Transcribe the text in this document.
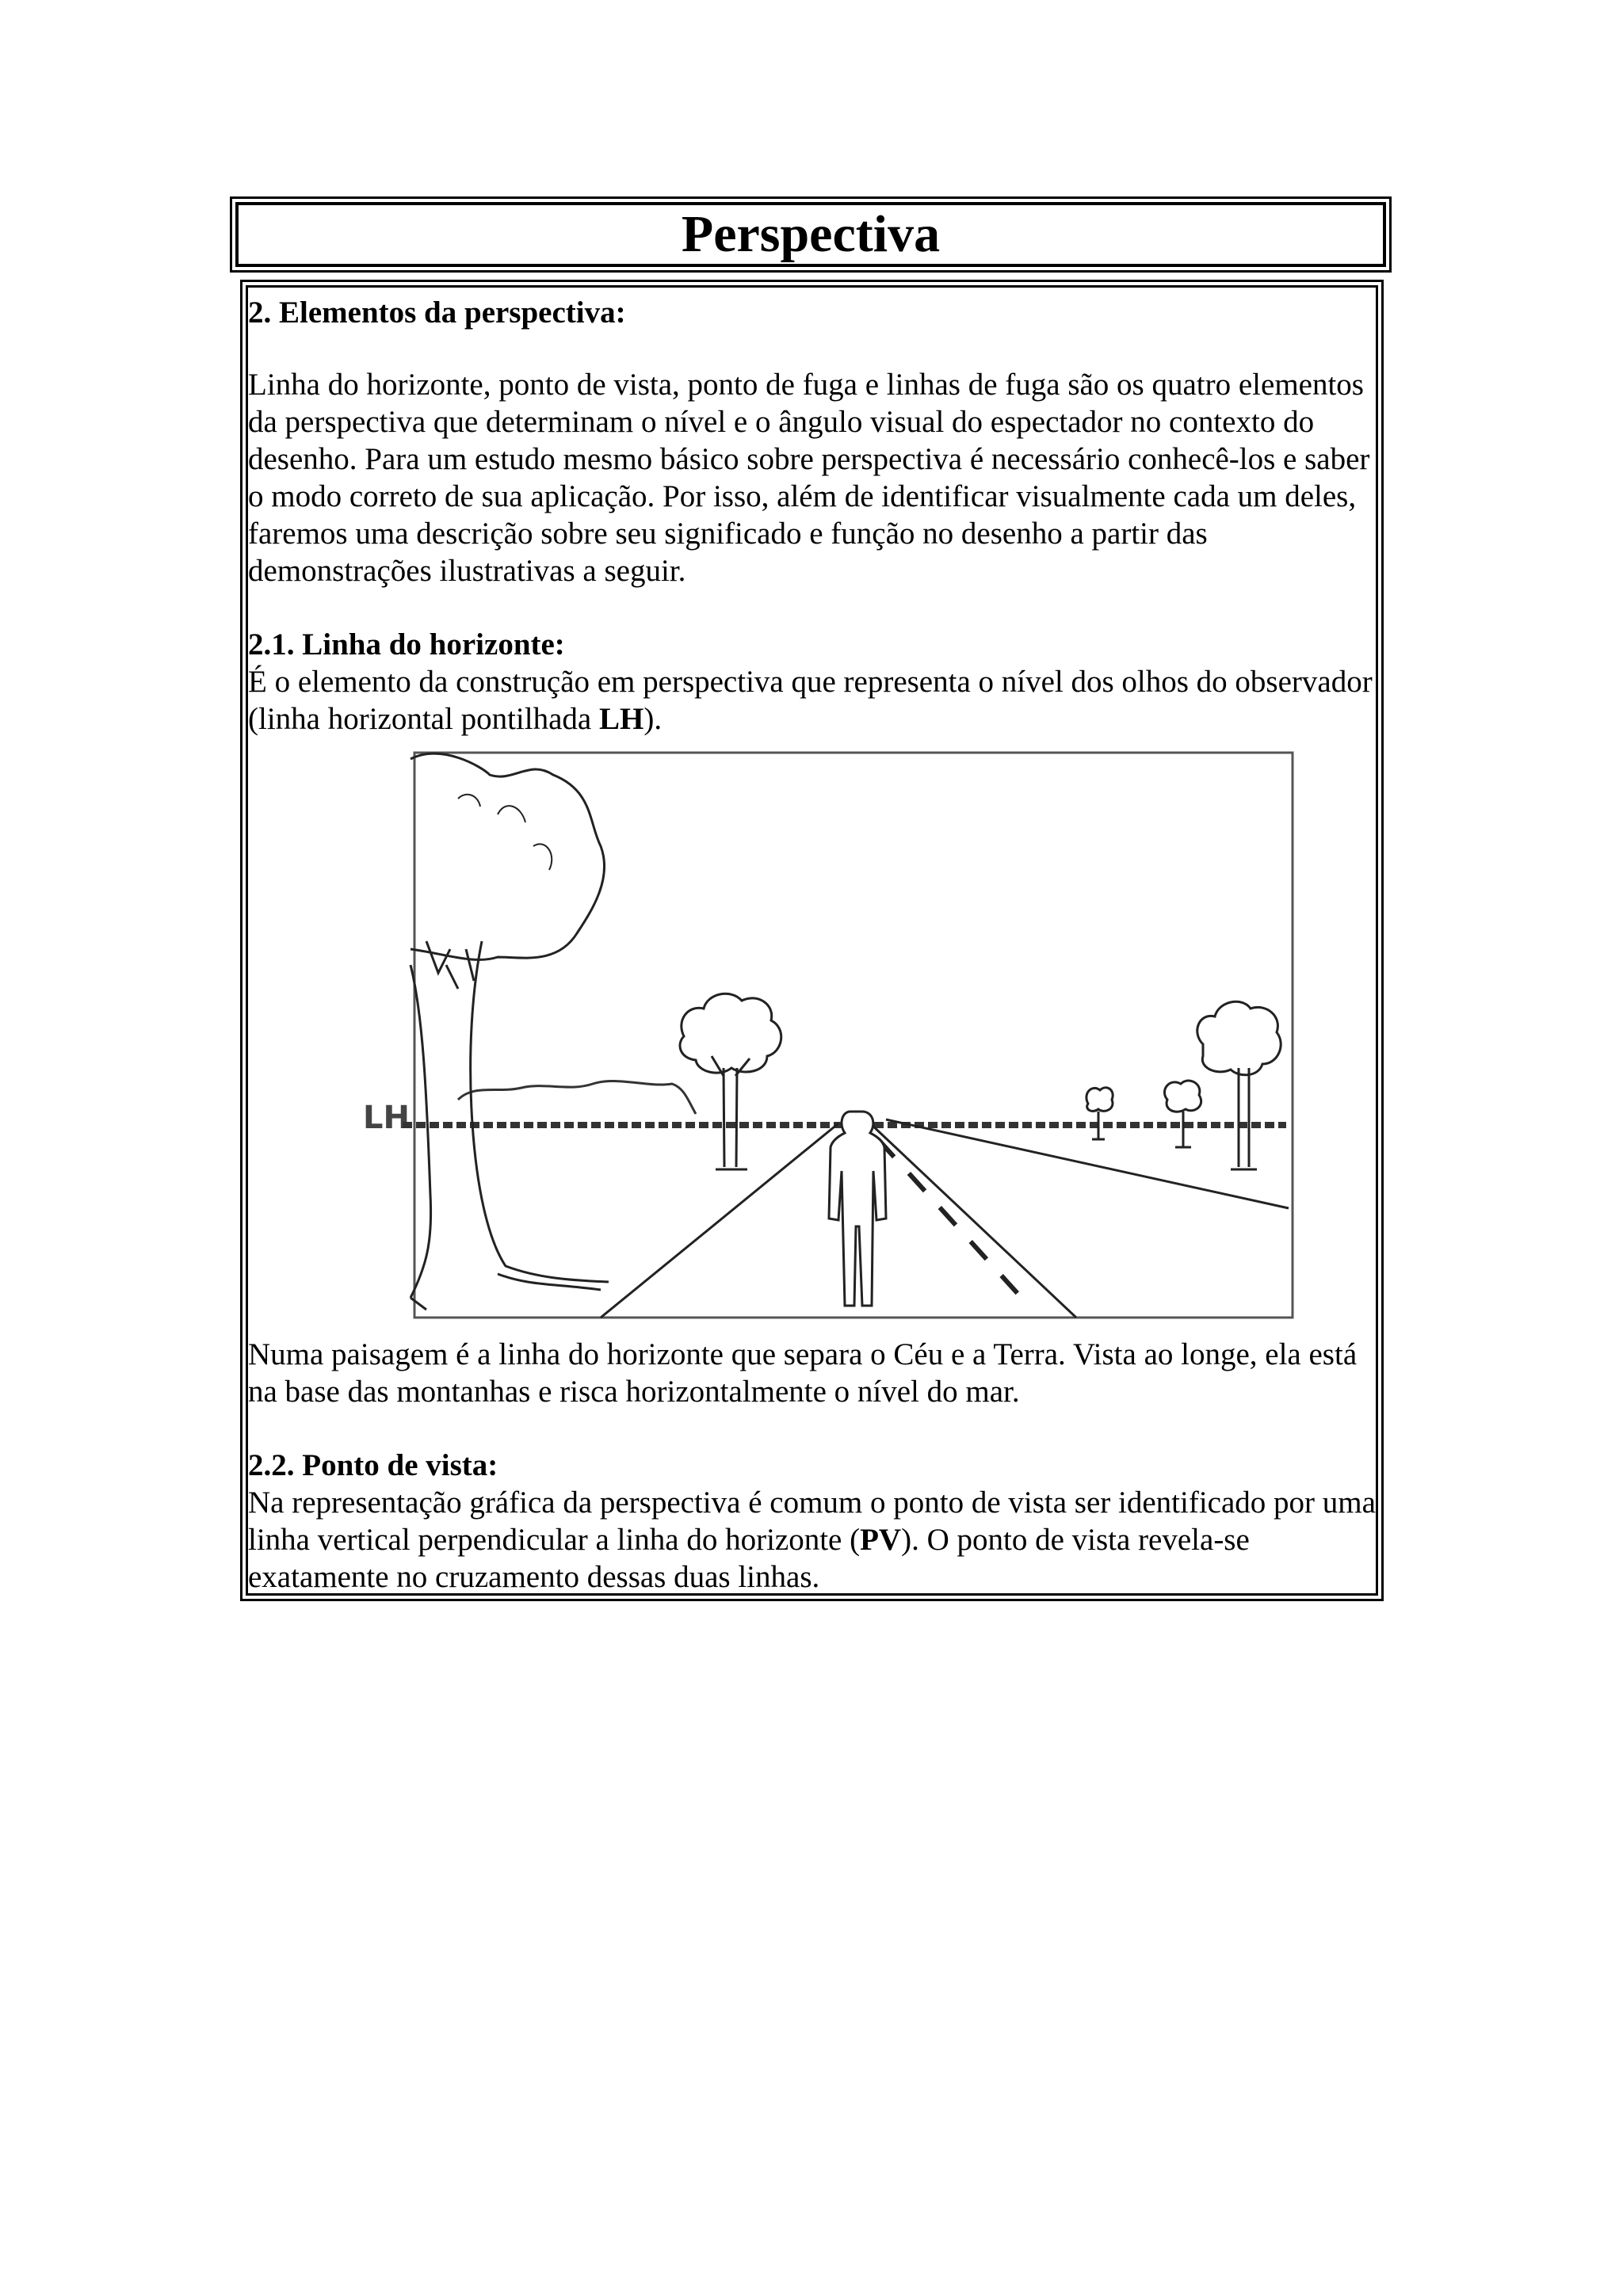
Perspectiva

2. Elementos da perspectiva:

Linha do horizonte, ponto de vista, ponto de fuga e linhas de fuga são os quatro elementos da perspectiva que determinam o nível e o ângulo visual do espectador no contexto do desenho. Para um estudo mesmo básico sobre perspectiva é necessário conhecê-los e saber o modo correto de sua aplicação. Por isso, além de identificar visualmente cada um deles, faremos uma descrição sobre seu significado e função no desenho a partir das demonstrações ilustrativas a seguir.

2.1. Linha do horizonte:

É o elemento da construção em perspectiva que representa o nível dos olhos do observador (linha horizontal pontilhada LH).

LH

Numa paisagem é a linha do horizonte que separa o Céu e a Terra. Vista ao longe, ela está na base das montanhas e risca horizontalmente o nível do mar.

2.2. Ponto de vista:

Na representação gráfica da perspectiva é comum o ponto de vista ser identificado por uma linha vertical perpendicular a linha do horizonte (PV). O ponto de vista revela-se exatamente no cruzamento dessas duas linhas.
